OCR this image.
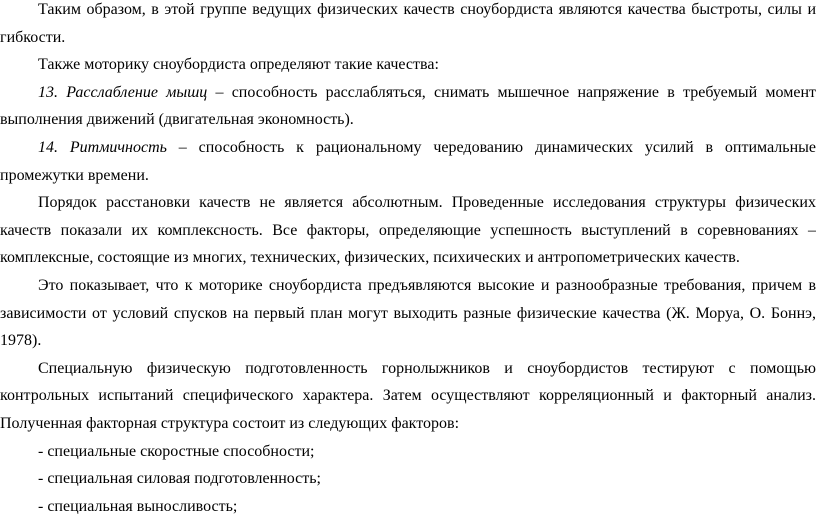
Таким образом, в этой группе ведущих физических качеств сноубордиста являются качества быстроты, силы и гибкости.

Также моторику сноубордиста определяют такие качества:

13. Расслабление мышц – способность расслабляться, снимать мышечное напряжение в требуемый момент выполнения движений (двигательная экономность).

14. Ритмичность – способность к рациональному чередованию динамических усилий в оптимальные промежутки времени.

Порядок расстановки качеств не является абсолютным. Проведенные исследования структуры физических качеств показали их комплексность. Все факторы, определяющие успешность выступлений в соревнованиях – комплексные, состоящие из многих, технических, физических, психических и антропометрических качеств.

Это показывает, что к моторике сноубордиста предъявляются высокие и разнообразные требования, причем в зависимости от условий спусков на первый план могут выходить разные физические качества (Ж. Моруа, О. Боннэ, 1978).

Специальную физическую подготовленность горнолыжников и сноубордистов тестируют с помощью контрольных испытаний специфического характера. Затем осуществляют корреляционный и факторный анализ. Полученная факторная структура состоит из следующих факторов:

- специальные скоростные способности;

- специальная силовая подготовленность;

- специальная выносливость;
